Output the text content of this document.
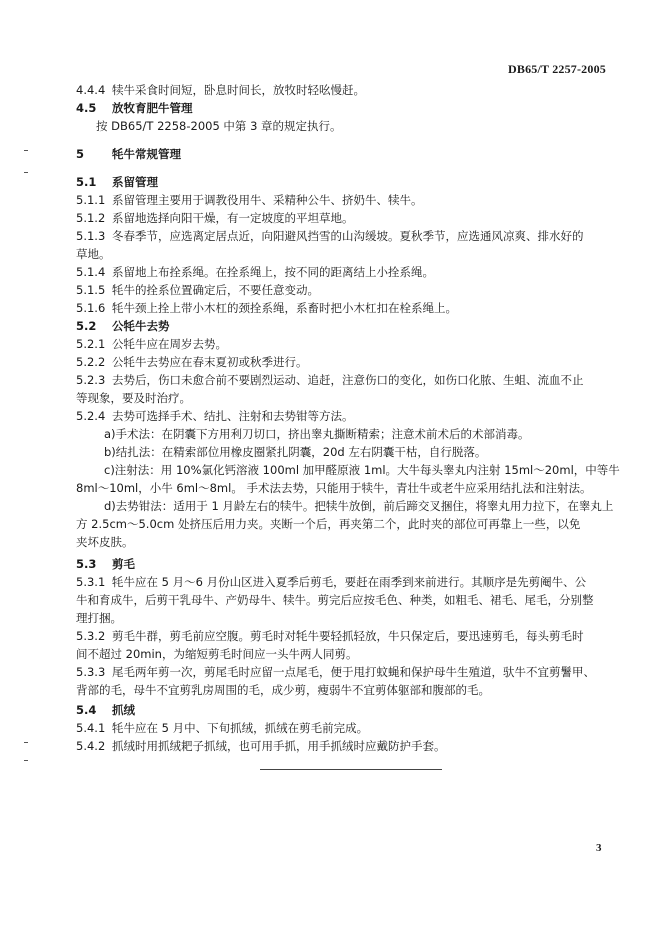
DB65/T 2257-2005
4.4.4 犊牛采食时间短，卧息时间长，放牧时轻吆慢赶。
4.5 放牧育肥牛管理
按 DB65/T 2258-2005 中第 3 章的规定执行。
5 牦牛常规管理
5.1 系留管理
5.1.1 系留管理主要用于调教役用牛、采精种公牛、挤奶牛、犊牛。
5.1.2 系留地选择向阳干燥，有一定坡度的平坦草地。
5.1.3 冬春季节，应选离定居点近，向阳避风挡雪的山沟缓坡。夏秋季节，应选通风凉爽、排水好的
草地。
5.1.4 系留地上布拴系绳。在拴系绳上，按不同的距离结上小拴系绳。
5.1.5 牦牛的拴系位置确定后，不要任意变动。
5.1.6 牦牛颈上拴上带小木杠的颈拴系绳，系畜时把小木杠扣在栓系绳上。
5.2 公牦牛去势
5.2.1 公牦牛应在周岁去势。
5.2.2 公牦牛去势应在春末夏初或秋季进行。
5.2.3 去势后，伤口未愈合前不要剧烈运动、追赶，注意伤口的变化，如伤口化脓、生蛆、流血不止
等现象，要及时治疗。
5.2.4 去势可选择手术、结扎、注射和去势钳等方法。
a)手术法：在阴囊下方用利刀切口，挤出睾丸撕断精索；注意术前术后的术部消毒。
b)结扎法：在精索部位用橡皮圈紧扎阴囊，20d 左右阴囊干枯，自行脱落。
c)注射法：用 10%氯化钙溶液 100ml 加甲醛原液 1ml。大牛每头睾丸内注射 15ml～20ml，中等牛
8ml～10ml，小牛 6ml～8ml。 手术法去势，只能用于犊牛，青壮牛或老牛应采用结扎法和注射法。
d)去势钳法：适用于 1 月龄左右的犊牛。把犊牛放倒，前后蹄交叉捆住，将睾丸用力拉下，在睾丸上
方 2.5cm～5.0cm 处挤压后用力夹。夹断一个后，再夹第二个，此时夹的部位可再靠上一些，以免
夹坏皮肤。
5.3 剪毛
5.3.1 牦牛应在 5 月～6 月份山区进入夏季后剪毛，要赶在雨季到来前进行。其顺序是先剪阉牛、公
牛和育成牛，后剪干乳母牛、产奶母牛、犊牛。剪完后应按毛色、种类，如粗毛、裙毛、尾毛，分别整
理打捆。
5.3.2 剪毛牛群，剪毛前应空腹。剪毛时对牦牛要轻抓轻放，牛只保定后，要迅速剪毛，每头剪毛时
间不超过 20min，为缩短剪毛时间应一头牛两人同剪。
5.3.3 尾毛两年剪一次，剪尾毛时应留一点尾毛，便于甩打蚊蝇和保护母牛生殖道，驮牛不宜剪鬐甲、
背部的毛，母牛不宜剪乳房周围的毛，成少剪，瘦弱牛不宜剪体躯部和腹部的毛。
5.4 抓绒
5.4.1 牦牛应在 5 月中、下旬抓绒，抓绒在剪毛前完成。
5.4.2 抓绒时用抓绒耙子抓绒，也可用手抓，用手抓绒时应戴防护手套。
3
